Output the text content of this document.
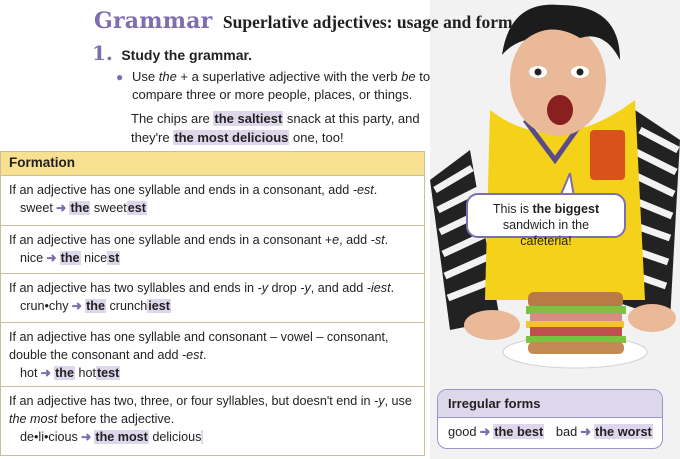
Grammar Superlative adjectives: usage and form
1. Study the grammar.
● Use the + a superlative adjective with the verb be to compare three or more people, places, or things.
The chips are the saltiest snack at this party, and they're the most delicious one, too!
Formation
If an adjective has one syllable and ends in a consonant, add -est.
sweet ➜ the sweetest
If an adjective has one syllable and ends in a consonant +e, add -st.
nice ➜ the nicest
If an adjective has two syllables and ends in -y drop -y, and add -iest.
crun•chy ➜ the crunchiest
If an adjective has one syllable and consonant – vowel – consonant, double the consonant and add -est.
hot ➜ the hottest
If an adjective has two, three, or four syllables, but doesn't end in -y, use the most before the adjective.
de•li•cious ➜ the most delicious
This is the biggest sandwich in the cafeteria!
Irregular forms
good ➜ the best bad ➜ the worst
